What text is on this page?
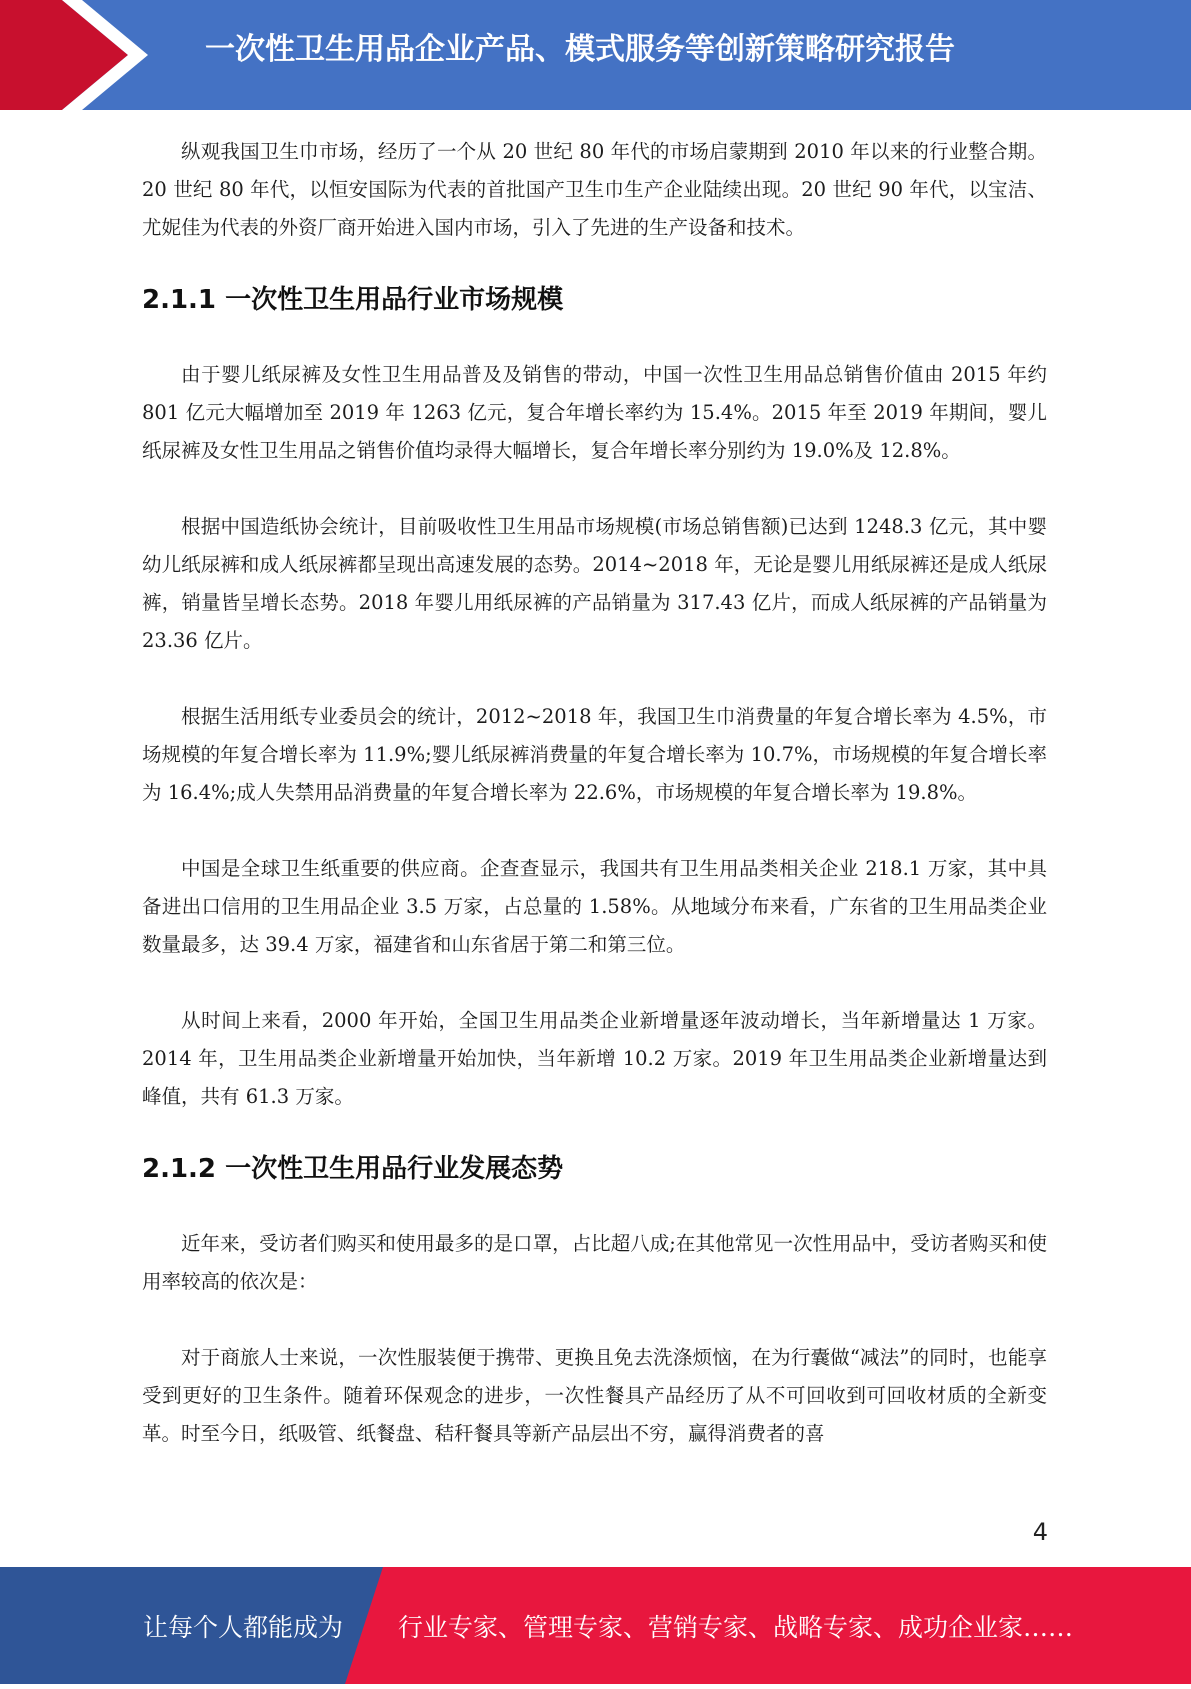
一次性卫生用品企业产品、模式服务等创新策略研究报告

纵观我国卫生巾市场，经历了一个从 20 世纪 80 年代的市场启蒙期到 2010 年以来的行业整合期。20 世纪 80 年代，以恒安国际为代表的首批国产卫生巾生产企业陆续出现。20 世纪 90 年代，以宝洁、尤妮佳为代表的外资厂商开始进入国内市场，引入了先进的生产设备和技术。

2.1.1 一次性卫生用品行业市场规模

由于婴儿纸尿裤及女性卫生用品普及及销售的带动，中国一次性卫生用品总销售价值由 2015 年约 801 亿元大幅增加至 2019 年 1263 亿元，复合年增长率约为 15.4%。2015 年至 2019 年期间，婴儿纸尿裤及女性卫生用品之销售价值均录得大幅增长，复合年增长率分别约为 19.0%及 12.8%。

根据中国造纸协会统计，目前吸收性卫生用品市场规模(市场总销售额)已达到 1248.3 亿元，其中婴幼儿纸尿裤和成人纸尿裤都呈现出高速发展的态势。2014~2018 年，无论是婴儿用纸尿裤还是成人纸尿裤，销量皆呈增长态势。2018 年婴儿用纸尿裤的产品销量为 317.43 亿片，而成人纸尿裤的产品销量为 23.36 亿片。

根据生活用纸专业委员会的统计，2012~2018 年，我国卫生巾消费量的年复合增长率为 4.5%，市场规模的年复合增长率为 11.9%;婴儿纸尿裤消费量的年复合增长率为 10.7%，市场规模的年复合增长率为 16.4%;成人失禁用品消费量的年复合增长率为 22.6%，市场规模的年复合增长率为 19.8%。

中国是全球卫生纸重要的供应商。企查查显示，我国共有卫生用品类相关企业 218.1 万家，其中具备进出口信用的卫生用品企业 3.5 万家，占总量的 1.58%。从地域分布来看，广东省的卫生用品类企业数量最多，达 39.4 万家，福建省和山东省居于第二和第三位。

从时间上来看，2000 年开始，全国卫生用品类企业新增量逐年波动增长，当年新增量达 1 万家。2014 年，卫生用品类企业新增量开始加快，当年新增 10.2 万家。2019 年卫生用品类企业新增量达到峰值，共有 61.3 万家。

2.1.2 一次性卫生用品行业发展态势

近年来，受访者们购买和使用最多的是口罩，占比超八成;在其他常见一次性用品中，受访者购买和使用率较高的依次是：

对于商旅人士来说，一次性服装便于携带、更换且免去洗涤烦恼，在为行囊做“减法”的同时，也能享受到更好的卫生条件。随着环保观念的进步，一次性餐具产品经历了从不可回收到可回收材质的全新变革。时至今日，纸吸管、纸餐盘、秸秆餐具等新产品层出不穷，赢得消费者的喜

4
让每个人都能成为 行业专家、管理专家、营销专家、战略专家、成功企业家……
